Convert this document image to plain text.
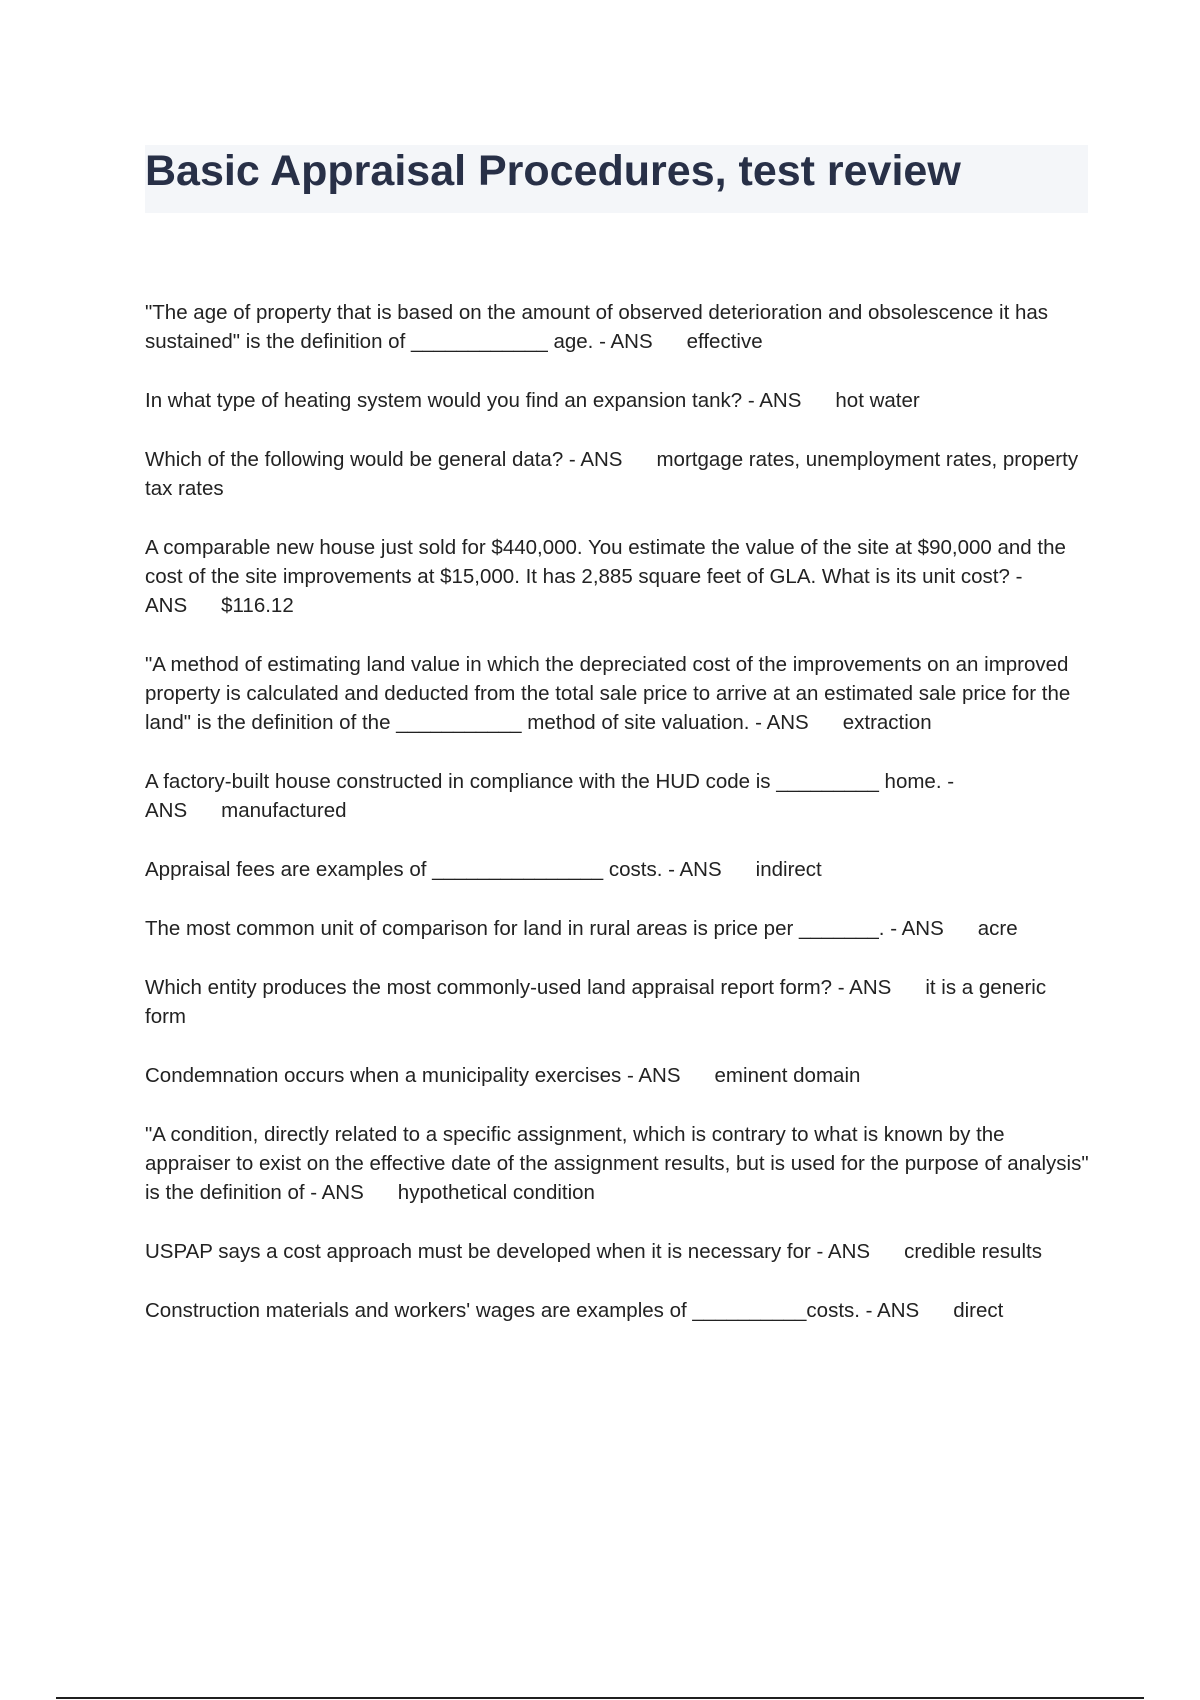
Basic Appraisal Procedures, test review

"The age of property that is based on the amount of observed deterioration and obsolescence it has sustained" is the definition of ____________ age. - ANS effective

In what type of heating system would you find an expansion tank? - ANS hot water

Which of the following would be general data? - ANS mortgage rates, unemployment rates, property tax rates

A comparable new house just sold for $440,000. You estimate the value of the site at $90,000 and the cost of the site improvements at $15,000. It has 2,885 square feet of GLA. What is its unit cost? - ANS $116.12

"A method of estimating land value in which the depreciated cost of the improvements on an improved property is calculated and deducted from the total sale price to arrive at an estimated sale price for the land" is the definition of the ___________ method of site valuation. - ANS extraction

A factory-built house constructed in compliance with the HUD code is _________ home. - ANS manufactured

Appraisal fees are examples of _______________ costs. - ANS indirect

The most common unit of comparison for land in rural areas is price per _______. - ANS acre

Which entity produces the most commonly-used land appraisal report form? - ANS it is a generic form

Condemnation occurs when a municipality exercises - ANS eminent domain

"A condition, directly related to a specific assignment, which is contrary to what is known by the appraiser to exist on the effective date of the assignment results, but is used for the purpose of analysis" is the definition of - ANS hypothetical condition

USPAP says a cost approach must be developed when it is necessary for - ANS credible results

Construction materials and workers' wages are examples of __________costs. - ANS direct
